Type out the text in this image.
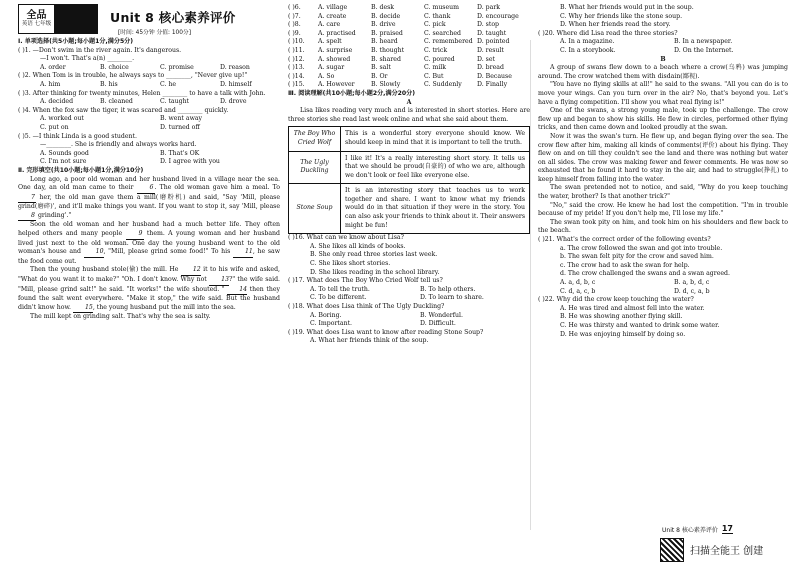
全品
英语 七年级	Unit 8 核心素养评价
[时间: 45分钟 分值: 100分]

Ⅰ. 单项选择(共5小题;每小题1分,满分5分)

( )1. —Don't swim in the river again. It's dangerous.

—I won't. That's a(n) ________.

A. order	B. choice	C. promise	D. reason

( )2. When Tom is in trouble, he always says to ________, "Never give up!"

A. him	B. his	C. he	D. himself

( )3. After thinking for twenty minutes, Helen ________ to have a talk with John.

A. decided	B. cleaned	C. taught	D. drove

( )4. When the fox saw the tiger, it was scared and ________ quickly.

A. worked out	B. went away
C. put on	D. turned off

( )5. —I think Linda is a good student.

—________. She is friendly and always works hard.

A. Sounds good	B. That's OK
C. I'm not sure	D. I agree with you

Ⅱ. 完形填空(共10小题;每小题1分,满分10分)

Long ago, a poor old woman and her husband lived in a village near the sea. One day, an old man came to their	6. The old woman gave him a meal. To 7 her, the old man gave them a mill(磨粉机) and said, "Say 'Mill, please grind(磨碎)', and it'll make things you want. If you want to stop it, say 'Mill, please 8 grinding'."

Soon the old woman and her husband had a much better life. They often helped others and many people	9 them. A young woman and her husband lived just next to the old woman. One day the young husband went to the old woman's house and 10, "Mill, please grind some food!" To his 11, he saw the food come out.

Then the young husband stole(偷) the mill. He 12 it to his wife and asked, "What do you want it to make?" "Oh. I don't know. Why not 13?" the wife said. "Mill, please grind salt!" he said. "It works!" the wife shouted. " 14 then they found the salt went everywhere. "Make it stop," the wife said. But the husband didn't know how. 15, the young husband put the mill into the sea.

The mill kept on grinding salt. That's why the sea is salty.

( )6.	A. village	B. desk	C. museum	D. park
( )7.	A. create	B. decide	C. thank	D. encourage
( )8.	A. care	B. drive	C. pick	D. stop
( )9.	A. practised	B. praised	C. searched	D. taught
( )10.	A. spelt	B. heard	C. remembered D. pointed
( )11.	A. surprise	B. thought	C. trick	D. result
( )12.	A. showed	B. shared	C. poured	D. set
( )13.	A. sugar	B. salt	C. milk	D. bread
( )14.	A. So	B. Or	C. But	D. Because
( )15.	A. However	B. Slowly	C. Suddenly	D. Finally

Ⅲ. 阅读理解(共10小题;每小题2分,满分20分)

A

Lisa likes reading very much and is interested in short stories. Here are three stories she read last week online and what she said about them.

The Boy Who Cried Wolf
This is a wonderful story everyone should know. We should keep in mind that it is important to tell the truth.
The Ugly Duckling
I like it! It's a really interesting short story. It tells us that we should be proud(自豪的) of who we are, although we don't look or feel like everyone else.
Stone Soup
It is an interesting story that teaches us to work together and share. I want to know what my friends would do in that situation if they were in the story. You can also ask your friends to think about it. Their answers might be fun!

( )16. What can we know about Lisa?

A. She likes all kinds of books.

B. She only read three stories last week.

C. She likes short stories.

D. She likes reading in the school library.

( )17. What does The Boy Who Cried Wolf tell us?

A. To tell the truth.	B. To help others.
C. To be different.	D. To learn to share.

( )18. What does Lisa think of The Ugly Duckling?

A. Boring.	B. Wonderful.
C. Important.	D. Difficult.

( )19. What does Lisa want to know after reading Stone Soup?

A. What her friends think of the soup.

B. What her friends would put in the soup.

C. Why her friends like the stone soup.

D. When her friends read the story.

( )20. Where did Lisa read the three stories?

A. In a magazine.	B. In a newspaper.
C. In a storybook.	D. On the Internet.

B

A group of swans flew down to a beach where a crow(乌鸦) was jumping around. The crow watched them with disdain(鄙视).

"You have no flying skills at all!" he said to the swans. "All you can do is to move your wings. Can you turn over in the air? No, that's beyond you. Let's have a flying competition. I'll show you what real flying is!"

One of the swans, a strong young male, took up the challenge. The crow flew up and began to show his skills. He flew in circles, performed other flying tricks, and then came down and looked proudly at the swan.

Now it was the swan's turn. He flew up, and began flying over the sea. The crow flew after him, making all kinds of comments(评价) about his flying. They flew on and on till they couldn't see the land and there was nothing but water on all sides. The crow was making fewer and fewer comments. He was now so exhausted that he found it hard to stay in the air, and had to struggle(挣扎) to keep himself from falling into the water.

The swan pretended not to notice, and said, "Why do you keep touching the water, brother? Is that another trick?"

"No," said the crow. He knew he had lost the competition. "I'm in trouble because of my pride! If you don't help me, I'll lose my life."

The swan took pity on him, and took him on his shoulders and flew back to the beach.

( )21. What's the correct order of the following events?

a. The crow followed the swan and got into trouble.

b. The swan felt pity for the crow and saved him.

c. The crow had to ask the swan for help.

d. The crow challenged the swans and a swan agreed.

A. a, d, b, c	B. a, b, d, c
C. d, a, c, b	D. d, c, a, b

( )22. Why did the crow keep touching the water?

A. He was tired and almost fell into the water.

B. He was showing another flying skill.

C. He was thirsty and wanted to drink some water.

D. He was enjoying himself by doing so.

Unit 8 核心素养评价 17
扫描全能王 创建
